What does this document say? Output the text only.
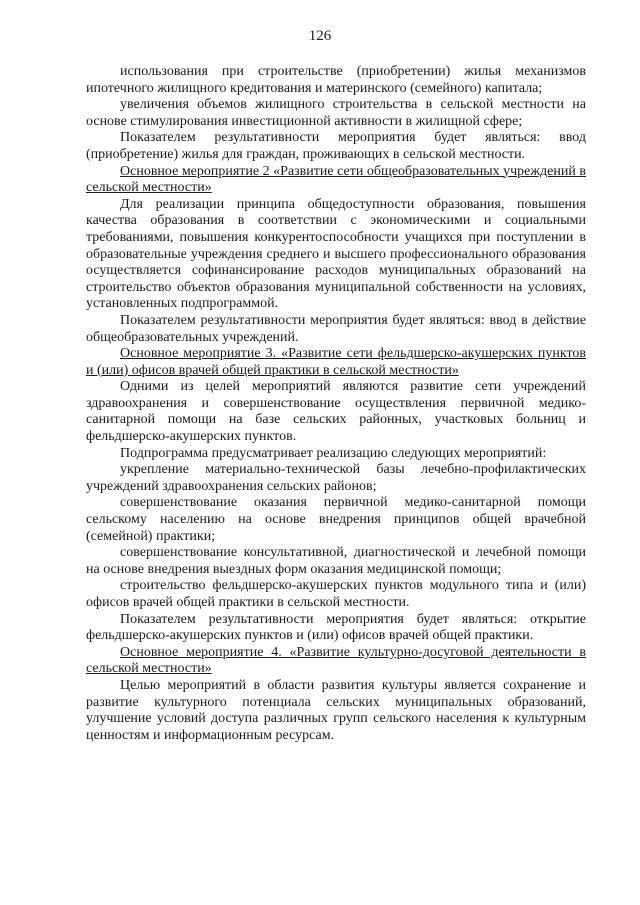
126

использования при строительстве (приобретении) жилья механизмов ипотечного жилищного кредитования и материнского (семейного) капитала;

увеличения объемов жилищного строительства в сельской местности на основе стимулирования инвестиционной активности в жилищной сфере;

Показателем результативности мероприятия будет являться: ввод (приобретение) жилья для граждан, проживающих в сельской местности.

Основное мероприятие 2 «Развитие сети общеобразовательных учреждений в сельской местности»

Для реализации принципа общедоступности образования, повышения качества образования в соответствии с экономическими и социальными требованиями, повышения конкурентоспособности учащихся при поступлении в образовательные учреждения среднего и высшего профессионального образования осуществляется софинансирование расходов муниципальных образований на строительство объектов образования муниципальной собственности на условиях, установленных подпрограммой.

Показателем результативности мероприятия будет являться: ввод в действие общеобразовательных учреждений.

Основное мероприятие 3. «Развитие сети фельдшерско-акушерских пунктов и (или) офисов врачей общей практики в сельской местности»

Одними из целей мероприятий являются развитие сети учреждений здравоохранения и совершенствование осуществления первичной медико-санитарной помощи на базе сельских районных, участковых больниц и фельдшерско-акушерских пунктов.

Подпрограмма предусматривает реализацию следующих мероприятий:

укрепление материально-технической базы лечебно-профилактических учреждений здравоохранения сельских районов;

совершенствование оказания первичной медико-санитарной помощи сельскому населению на основе внедрения принципов общей врачебной (семейной) практики;

совершенствование консультативной, диагностической и лечебной помощи на основе внедрения выездных форм оказания медицинской помощи;

строительство фельдшерско-акушерских пунктов модульного типа и (или) офисов врачей общей практики в сельской местности.

Показателем результативности мероприятия будет являться: открытие фельдшерско-акушерских пунктов и (или) офисов врачей общей практики.

Основное мероприятие 4. «Развитие культурно-досуговой деятельности в сельской местности»

Целью мероприятий в области развития культуры является сохранение и развитие культурного потенциала сельских муниципальных образований, улучшение условий доступа различных групп сельского населения к культурным ценностям и информационным ресурсам.
